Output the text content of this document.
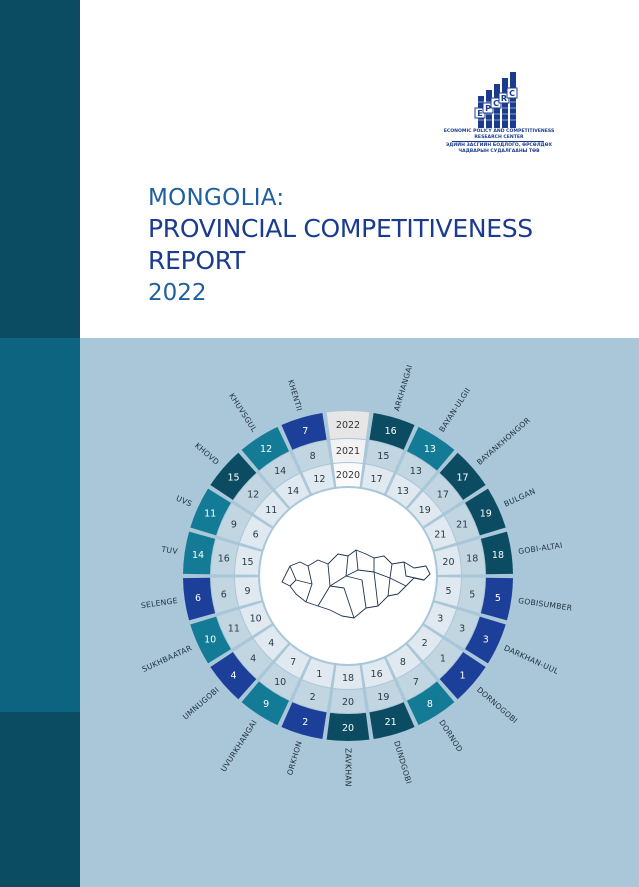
E
P
C
R
C
ECONOMIC POLICY AND COMPETITIVENESS RESEARCH CENTER
ЭДИЙН ЗАСГИЙН БОДЛОГО, ӨРСӨЛДӨХ ЧАДВАРЫН СУДАЛГААНЫ ТӨВ
MONGOLIA:
PROVINCIAL COMPETITIVENESS
REPORT
2022
2022
2021
2020
16
15
17
ARKHANGAI
13
13
13
BAYAN-ULGII
17
17
19
BAYANKHONGOR
19
21
21
BULGAN
18
18
20
GOBI-ALTAI
5
5
5
GOBISUMBER
3
3
3
DARKHAN-UUL
1
1
2
DORNOGOBI
8
7
8
DORNOD
21
19
16
DUNDGOBI
20
20
18
ZAVKHAN
2
2
1
ORKHON
9
10
7
UVURKHANGAI
4
4
4
UMNUGOBI
10
11
10
SUKHBAATAR
6 6 9
SELENGE
14 16 15
TUV
11
9
6
UVS
15
12
11
KHOVD	12
14
14
KHUVSGUL	7
8
12
KHENTII
